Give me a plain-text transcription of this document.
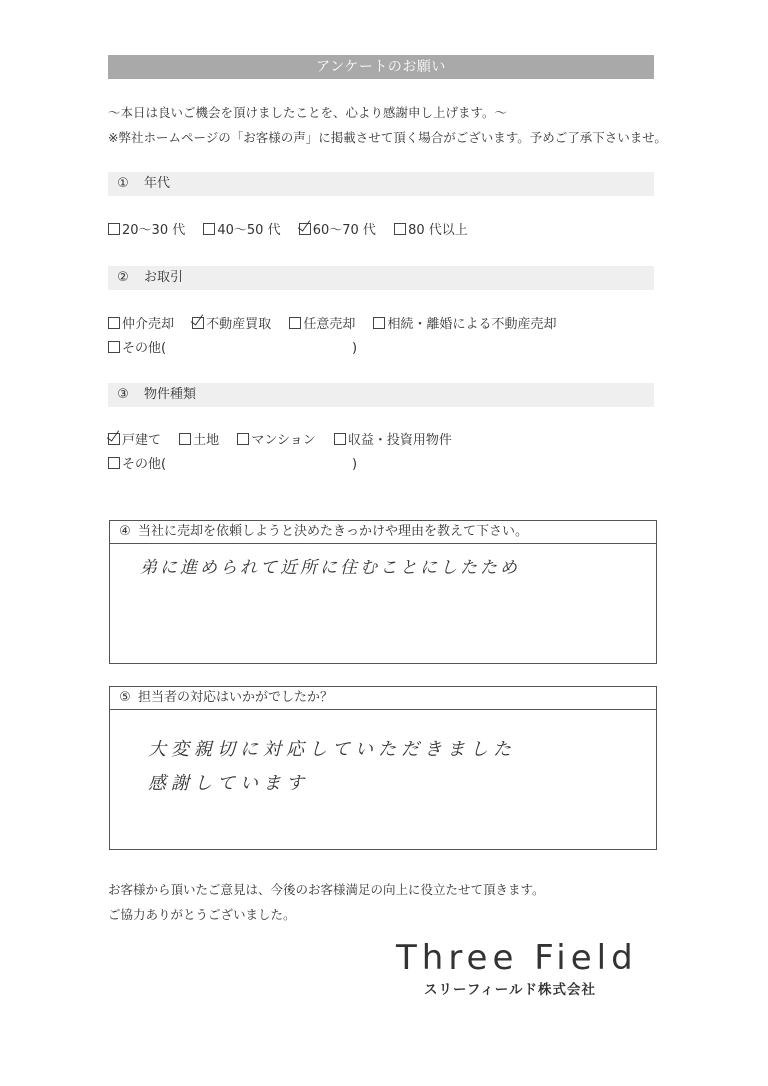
アンケートのお願い
～本日は良いご機会を頂けましたことを、心より感謝申し上げます。～
※弊社ホームページの「お客様の声」に掲載させて頂く場合がございます。予めご了承下さいませ。
① 年代
20～30 代 40～50 代 60～70 代 80 代以上
② お取引
仲介売却 不動産買取 任意売却 相続・離婚による不動産売却
その他(	)
③ 物件種類
戸建て 土地 マンション 収益・投資用物件
その他(	)
④ 当社に売却を依頼しようと決めたきっかけや理由を教えて下さい。
弟に進められて近所に住むことにしたため
⑤ 担当者の対応はいかがでしたか？
大変親切に対応していただきました
感謝しています
お客様から頂いたご意見は、今後のお客様満足の向上に役立たせて頂きます。
ご協力ありがとうございました。
Three Field
スリーフィールド株式会社
